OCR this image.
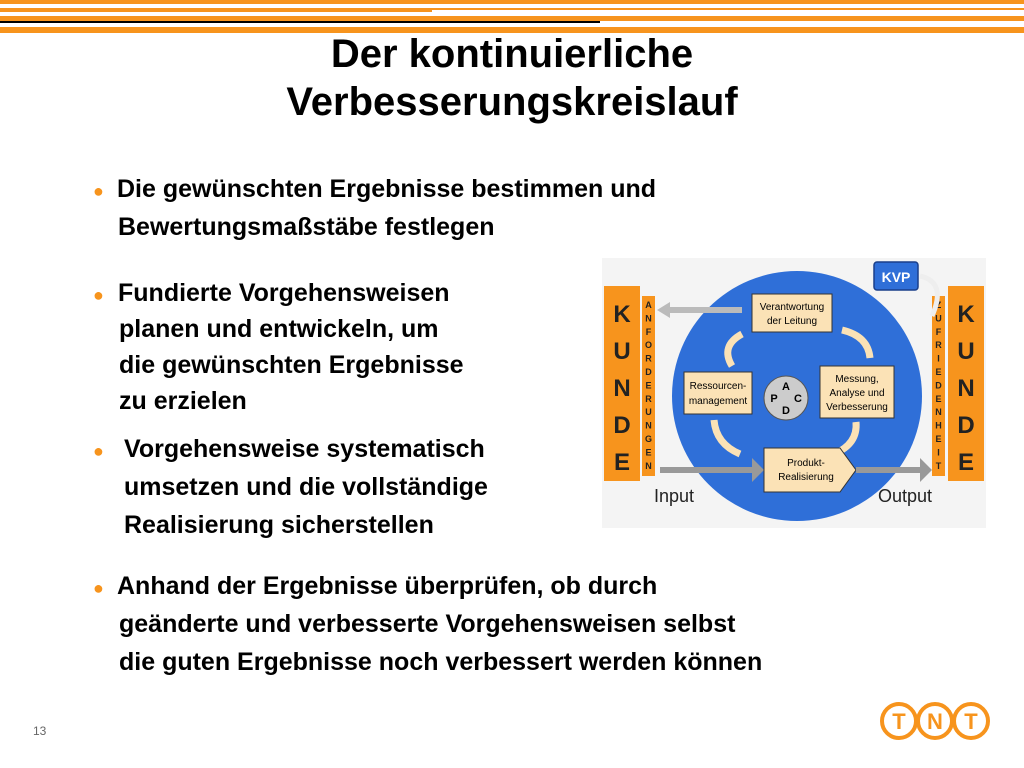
Der kontinuierliche
Verbesserungskreislauf
● Die gewünschten Ergebnisse bestimmen und
Bewertungsmaßstäbe festlegen
● Fundierte Vorgehensweisen
planen und entwickeln, um
die gewünschten Ergebnisse
zu erzielen
● Vorgehensweise systematisch
umsetzen und die vollständige
Realisierung sicherstellen
● Anhand der Ergebnisse überprüfen, ob durch
geänderte und verbesserte Vorgehensweisen selbst
die guten Ergebnisse noch verbessert werden können
K
U
N
D
E
A
N
F
O
R
D
E
R
U
N
G
E
N
K
U
N
D
E
Z
U
F
R
I
E
D
E
N
H
E
I
T
KVP
Verantwortung
der Leitung
Ressourcen-
management
Messung,
Analyse und
Verbesserung
A
P C
D
Produkt-
Realisierung
Input	Output
13	T N T
